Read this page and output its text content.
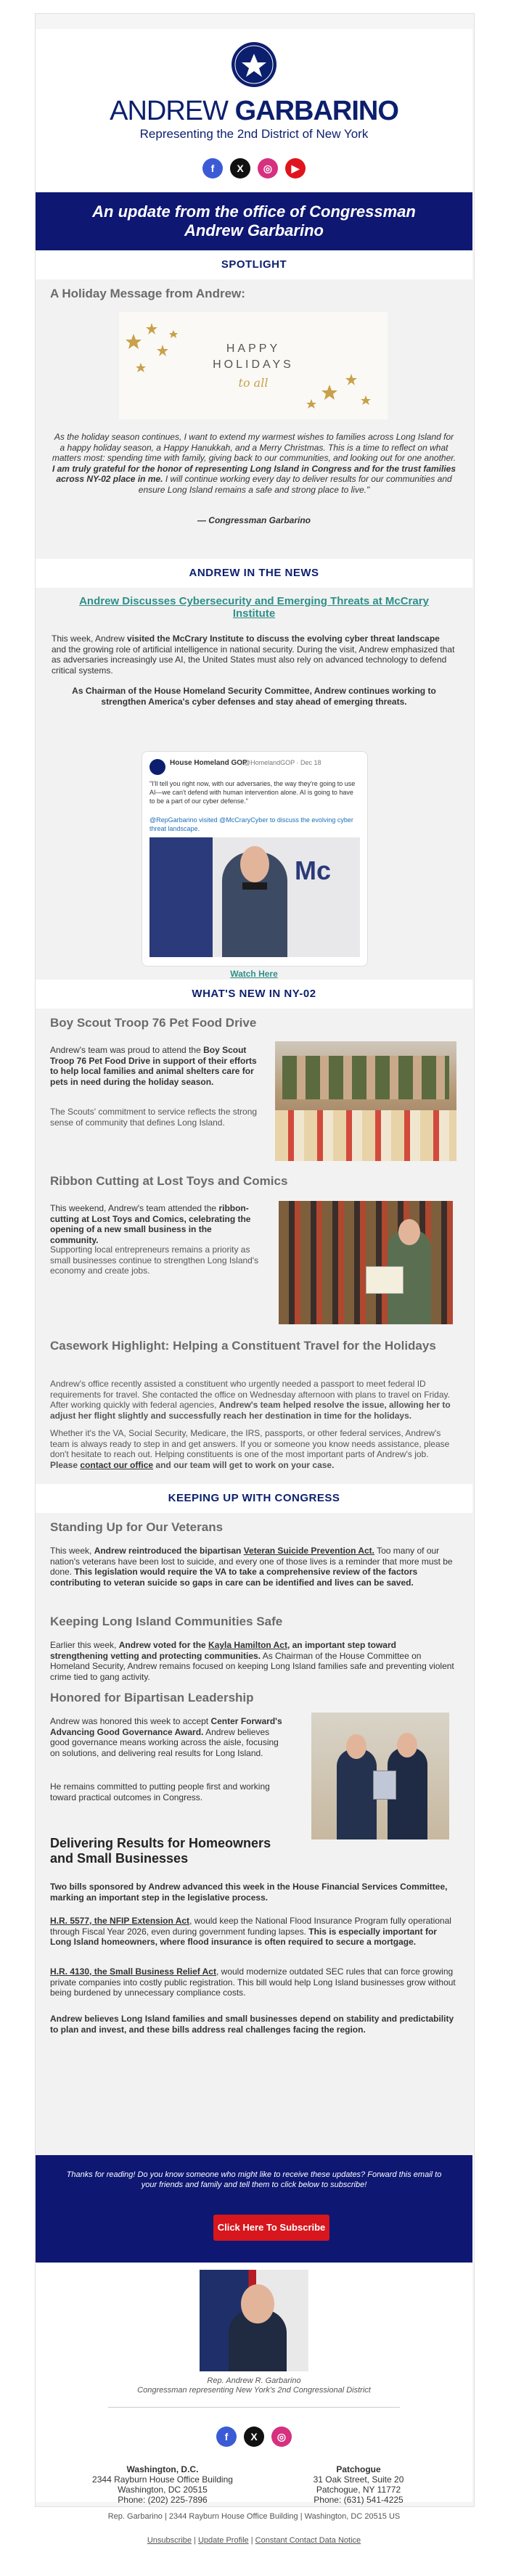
ANDREW GARBARINO
Representing the 2nd District of New York
f	X	◎	▶
An update from the office of Congressman Andrew Garbarino
SPOTLIGHT
A Holiday Message from Andrew:
HAPPY
HOLIDAYS
to all
As the holiday season continues, I want to extend my warmest wishes to families across Long Island for a happy holiday season, a Happy Hanukkah, and a Merry Christmas. This is a time to reflect on what matters most: spending time with family, giving back to our communities, and looking out for one another. I am truly grateful for the honor of representing Long Island in Congress and for the trust families across NY-02 place in me. I will continue working every day to deliver results for our communities and ensure Long Island remains a safe and strong place to live."
— Congressman Garbarino
ANDREW IN THE NEWS
Andrew Discusses Cybersecurity and Emerging Threats at McCrary Institute
This week, Andrew visited the McCrary Institute to discuss the evolving cyber threat landscape and the growing role of artificial intelligence in national security. During the visit, Andrew emphasized that as adversaries increasingly use AI, the United States must also rely on advanced technology to defend critical systems.
As Chairman of the House Homeland Security Committee, Andrew continues working to strengthen America's cyber defenses and stay ahead of emerging threats.
House Homeland GOP
@HomelandGOP · Dec 18
"I'll tell you right now, with our adversaries, the way they're going to use AI—we can't defend with human intervention alone. AI is going to have to be a part of our cyber defense."
@RepGarbarino visited @McCraryCyber to discuss the evolving cyber threat landscape.
Mc
Watch Here
WHAT'S NEW IN NY-02
Boy Scout Troop 76 Pet Food Drive
Andrew's team was proud to attend the Boy Scout Troop 76 Pet Food Drive in support of their efforts to help local families and animal shelters care for pets in need during the holiday season.
The Scouts' commitment to service reflects the strong sense of community that defines Long Island.
Ribbon Cutting at Lost Toys and Comics
This weekend, Andrew's team attended the ribbon-cutting at Lost Toys and Comics, celebrating the opening of a new small business in the community.
Supporting local entrepreneurs remains a priority as small businesses continue to strengthen Long Island's economy and create jobs.
Casework Highlight: Helping a Constituent Travel for the Holidays
Andrew's office recently assisted a constituent who urgently needed a passport to meet federal ID requirements for travel. She contacted the office on Wednesday afternoon with plans to travel on Friday. After working quickly with federal agencies, Andrew's team helped resolve the issue, allowing her to adjust her flight slightly and successfully reach her destination in time for the holidays.
Whether it's the VA, Social Security, Medicare, the IRS, passports, or other federal services, Andrew's team is always ready to step in and get answers. If you or someone you know needs assistance, please don't hesitate to reach out. Helping constituents is one of the most important parts of Andrew's job. Please contact our office and our team will get to work on your case.
KEEPING UP WITH CONGRESS
Standing Up for Our Veterans
This week, Andrew reintroduced the bipartisan Veteran Suicide Prevention Act. Too many of our nation's veterans have been lost to suicide, and every one of those lives is a reminder that more must be done. This legislation would require the VA to take a comprehensive review of the factors contributing to veteran suicide so gaps in care can be identified and lives can be saved.
Keeping Long Island Communities Safe
Earlier this week, Andrew voted for the Kayla Hamilton Act, an important step toward strengthening vetting and protecting communities. As Chairman of the House Committee on Homeland Security, Andrew remains focused on keeping Long Island families safe and preventing violent crime tied to gang activity.
Honored for Bipartisan Leadership
Andrew was honored this week to accept Center Forward's Advancing Good Governance Award. Andrew believes good governance means working across the aisle, focusing on solutions, and delivering real results for Long Island.
He remains committed to putting people first and working toward practical outcomes in Congress.
Delivering Results for Homeowners and Small Businesses
Two bills sponsored by Andrew advanced this week in the House Financial Services Committee, marking an important step in the legislative process.
H.R. 5577, the NFIP Extension Act, would keep the National Flood Insurance Program fully operational through Fiscal Year 2026, even during government funding lapses. This is especially important for Long Island homeowners, where flood insurance is often required to secure a mortgage.
H.R. 4130, the Small Business Relief Act, would modernize outdated SEC rules that can force growing private companies into costly public registration. This bill would help Long Island businesses grow without being burdened by unnecessary compliance costs.
Andrew believes Long Island families and small businesses depend on stability and predictability to plan and invest, and these bills address real challenges facing the region.
Thanks for reading! Do you know someone who might like to receive these updates? Forward this email to your friends and family and tell them to click below to subscribe!
Click Here To Subscribe
Rep. Andrew R. Garbarino
Congressman representing New York's 2nd Congressional District
f	X	◎
Washington, D.C.
2344 Rayburn House Office Building
Washington, DC 20515
Phone: (202) 225-7896
Patchogue
31 Oak Street, Suite 20
Patchogue, NY 11772
Phone: (631) 541-4225
Rep. Garbarino | 2344 Rayburn House Office Building | Washington, DC 20515 US
Unsubscribe | Update Profile | Constant Contact Data Notice
